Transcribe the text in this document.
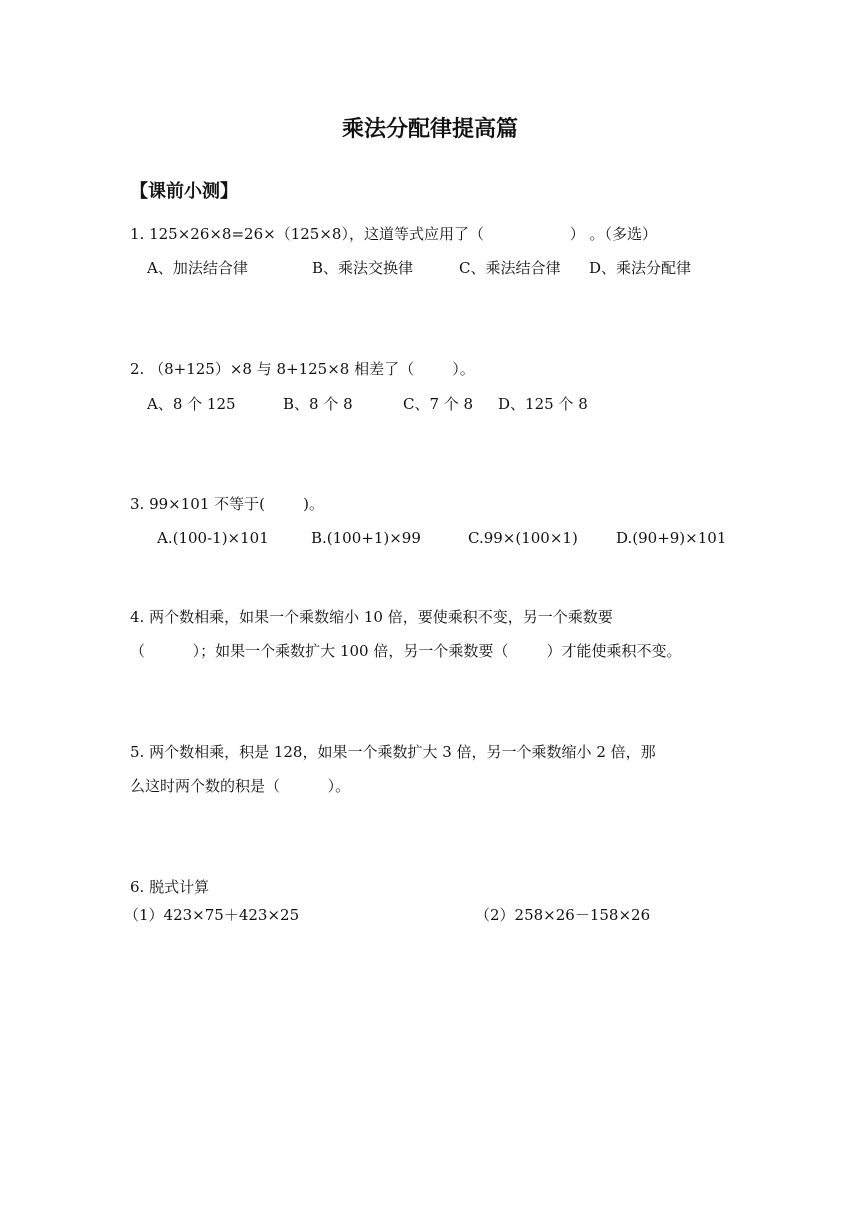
乘法分配律提高篇
【课前小测】
1. 125×26×8=26×（125×8），这道等式应用了（                  ） 。（多选）
A、加法结合律	B、乘法交换律	C、乘法结合律 D、乘法分配律
2. （8+125）×8 与 8+125×8 相差了（        ）。
A、8 个 125	B、8 个 8	C、7 个 8 D、125 个 8
3. 99×101 不等于(        )。
A.(100-1)×101	B.(100+1)×99	C.99×(100×1)	D.(90+9)×101
4. 两个数相乘，如果一个乘数缩小 10 倍，要使乘积不变，另一个乘数要
（          ）；如果一个乘数扩大 100 倍，另一个乘数要（        ）才能使乘积不变。
5. 两个数相乘，积是 128，如果一个乘数扩大 3 倍，另一个乘数缩小 2 倍，那
么这时两个数的积是（          ）。
6. 脱式计算
（1）423×75＋423×25	（2）258×26－158×26
